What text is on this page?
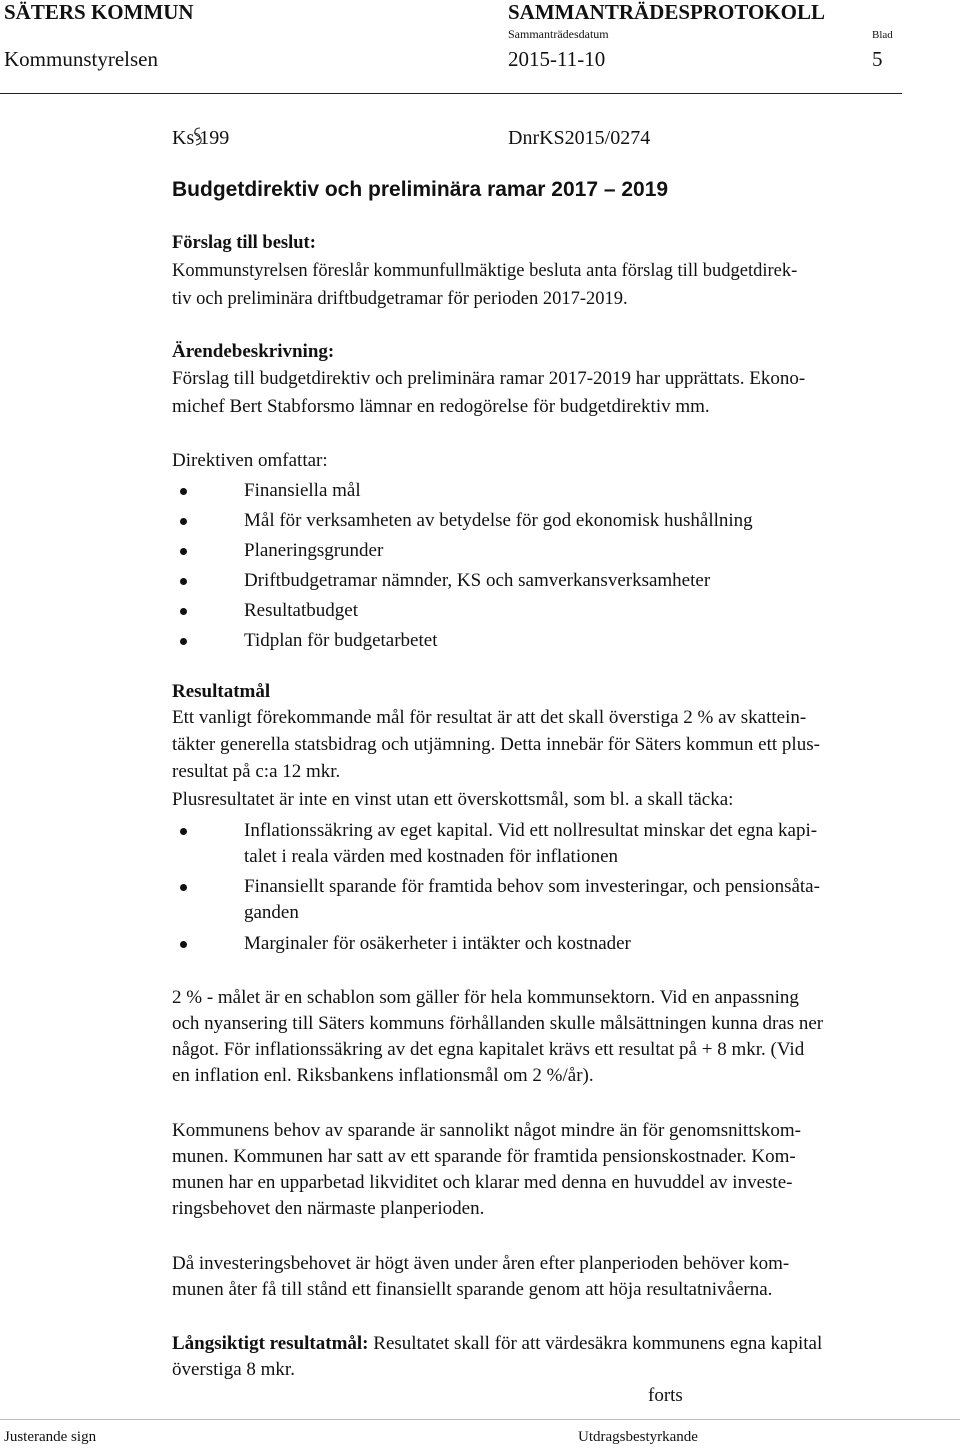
SÄTERS KOMMUN	SAMMANTRÄDESPROTOKOLL
Sammanträdesdatum	Blad
Kommunstyrelsen	2015-11-10	5
Ks 199	DnrKS2015/0274
Budgetdirektiv och preliminära ramar 2017 – 2019
Förslag till beslut:
Kommunstyrelsen föreslår kommunfullmäktige besluta anta förslag till budgetdirek-
tiv och preliminära driftbudgetramar för perioden 2017-2019.
Ärendebeskrivning:
Förslag till budgetdirektiv och preliminära ramar 2017-2019 har upprättats. Ekono-
michef Bert Stabforsmo lämnar en redogörelse för budgetdirektiv mm.
Direktiven omfattar:
Finansiella mål
Mål för verksamheten av betydelse för god ekonomisk hushållning
Planeringsgrunder
Driftbudgetramar nämnder, KS och samverkansverksamheter
Resultatbudget
Tidplan för budgetarbetet
Resultatmål
Ett vanligt förekommande mål för resultat är att det skall överstiga 2 % av skattein-
täkter generella statsbidrag och utjämning. Detta innebär för Säters kommun ett plus-
resultat på c:a 12 mkr.
Plusresultatet är inte en vinst utan ett överskottsmål, som bl. a skall täcka:
Inflationssäkring av eget kapital. Vid ett nollresultat minskar det egna kapi-
talet i reala värden med kostnaden för inflationen
Finansiellt sparande för framtida behov som investeringar, och pensionsåta-
ganden
Marginaler för osäkerheter i intäkter och kostnader

2 % - målet är en schablon som gäller för hela kommunsektorn. Vid en anpassning

och nyansering till Säters kommuns förhållanden skulle målsättningen kunna dras ner

något. För inflationssäkring av det egna kapitalet krävs ett resultat på + 8 mkr. (Vid

en inflation enl. Riksbankens inflationsmål om 2 %/år).

Kommunens behov av sparande är sannolikt något mindre än för genomsnittskom-

munen. Kommunen har satt av ett sparande för framtida pensionskostnader. Kom-

munen har en upparbetad likviditet och klarar med denna en huvuddel av investe-

ringsbehovet den närmaste planperioden.

Då investeringsbehovet är högt även under åren efter planperioden behöver kom-

munen åter få till stånd ett finansiellt sparande genom att höja resultatnivåerna.

Långsiktigt resultatmål: Resultatet skall för att värdesäkra kommunens egna kapital

överstiga 8 mkr.

forts
Justerande sign	Utdragsbestyrkande
